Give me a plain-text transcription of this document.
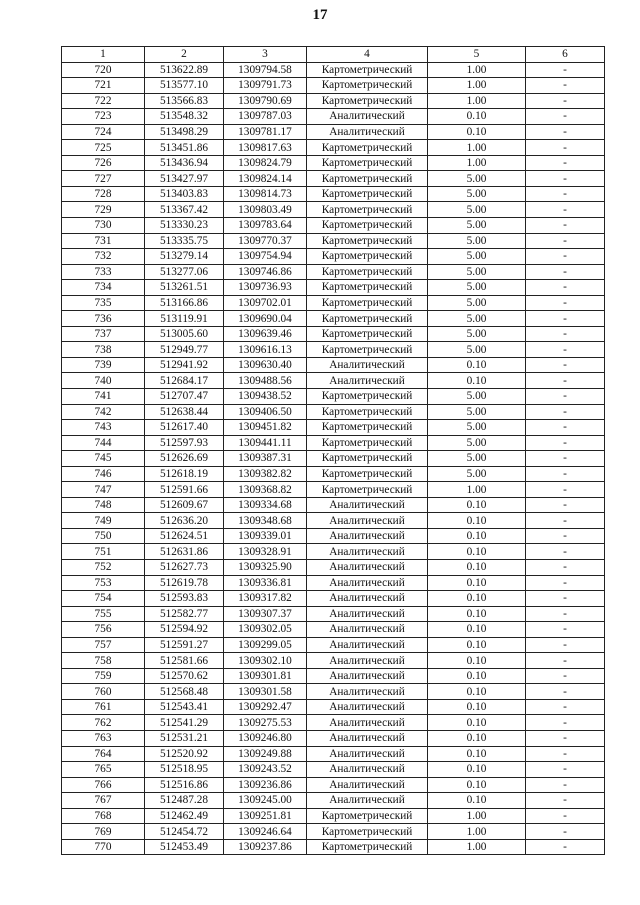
17
1	2	3	4	5	6
720	513622.89	1309794.58	Картометрический	1.00	-
721	513577.10	1309791.73	Картометрический	1.00	-
722	513566.83	1309790.69	Картометрический	1.00	-
723	513548.32	1309787.03	Аналитический	0.10	-
724	513498.29	1309781.17	Аналитический	0.10	-
725	513451.86	1309817.63	Картометрический	1.00	-
726	513436.94	1309824.79	Картометрический	1.00	-
727	513427.97	1309824.14	Картометрический	5.00	-
728	513403.83	1309814.73	Картометрический	5.00	-
729	513367.42	1309803.49	Картометрический	5.00	-
730	513330.23	1309783.64	Картометрический	5.00	-
731	513335.75	1309770.37	Картометрический	5.00	-
732	513279.14	1309754.94	Картометрический	5.00	-
733	513277.06	1309746.86	Картометрический	5.00	-
734	513261.51	1309736.93	Картометрический	5.00	-
735	513166.86	1309702.01	Картометрический	5.00	-
736	513119.91	1309690.04	Картометрический	5.00	-
737	513005.60	1309639.46	Картометрический	5.00	-
738	512949.77	1309616.13	Картометрический	5.00	-
739	512941.92	1309630.40	Аналитический	0.10	-
740	512684.17	1309488.56	Аналитический	0.10	-
741	512707.47	1309438.52	Картометрический	5.00	-
742	512638.44	1309406.50	Картометрический	5.00	-
743	512617.40	1309451.82	Картометрический	5.00	-
744	512597.93	1309441.11	Картометрический	5.00	-
745	512626.69	1309387.31	Картометрический	5.00	-
746	512618.19	1309382.82	Картометрический	5.00	-
747	512591.66	1309368.82	Картометрический	1.00	-
748	512609.67	1309334.68	Аналитический	0.10	-
749	512636.20	1309348.68	Аналитический	0.10	-
750	512624.51	1309339.01	Аналитический	0.10	-
751	512631.86	1309328.91	Аналитический	0.10	-
752	512627.73	1309325.90	Аналитический	0.10	-
753	512619.78	1309336.81	Аналитический	0.10	-
754	512593.83	1309317.82	Аналитический	0.10	-
755	512582.77	1309307.37	Аналитический	0.10	-
756	512594.92	1309302.05	Аналитический	0.10	-
757	512591.27	1309299.05	Аналитический	0.10	-
758	512581.66	1309302.10	Аналитический	0.10	-
759	512570.62	1309301.81	Аналитический	0.10	-
760	512568.48	1309301.58	Аналитический	0.10	-
761	512543.41	1309292.47	Аналитический	0.10	-
762	512541.29	1309275.53	Аналитический	0.10	-
763	512531.21	1309246.80	Аналитический	0.10	-
764	512520.92	1309249.88	Аналитический	0.10	-
765	512518.95	1309243.52	Аналитический	0.10	-
766	512516.86	1309236.86	Аналитический	0.10	-
767	512487.28	1309245.00	Аналитический	0.10	-
768	512462.49	1309251.81	Картометрический	1.00	-
769	512454.72	1309246.64	Картометрический	1.00	-
770	512453.49	1309237.86	Картометрический	1.00	-
